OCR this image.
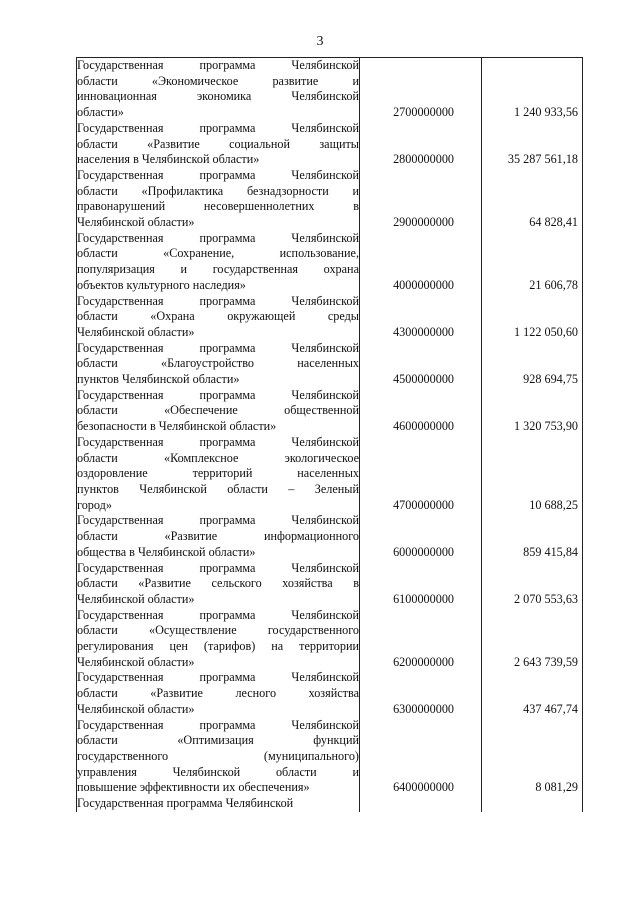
3
Государственная программа Челябинской
области «Экономическое развитие и
инновационная экономика Челябинской
области»	2700000000	1 240 933,56

Государственная программа Челябинской
области «Развитие социальной защиты
населения в Челябинской области»	2800000000	35 287 561,18

Государственная программа Челябинской
области «Профилактика безнадзорности и
правонарушений несовершеннолетних в
Челябинской области»	2900000000	64 828,41

Государственная программа Челябинской
области «Сохранение, использование,
популяризация и государственная охрана
объектов культурного наследия»	4000000000	21 606,78

Государственная программа Челябинской
области «Охрана окружающей среды
Челябинской области»	4300000000	1 122 050,60

Государственная программа Челябинской
области «Благоустройство населенных
пунктов Челябинской области»	4500000000	928 694,75

Государственная программа Челябинской
области «Обеспечение общественной
безопасности в Челябинской области»	4600000000	1 320 753,90

Государственная программа Челябинской
области «Комплексное экологическое
оздоровление территорий населенных
пунктов Челябинской области – Зеленый
город»	4700000000	10 688,25

Государственная программа Челябинской
области «Развитие информационного
общества в Челябинской области»	6000000000	859 415,84

Государственная программа Челябинской
области «Развитие сельского хозяйства в
Челябинской области»	6100000000	2 070 553,63

Государственная программа Челябинской
области «Осуществление государственного
регулирования цен (тарифов) на территории
Челябинской области»	6200000000	2 643 739,59

Государственная программа Челябинской
области «Развитие лесного хозяйства
Челябинской области»	6300000000	437 467,74

Государственная программа Челябинской
области «Оптимизация функций
государственного (муниципального)
управления Челябинской области и
повышение эффективности их обеспечения»	6400000000	8 081,29

Государственная программа Челябинской		
